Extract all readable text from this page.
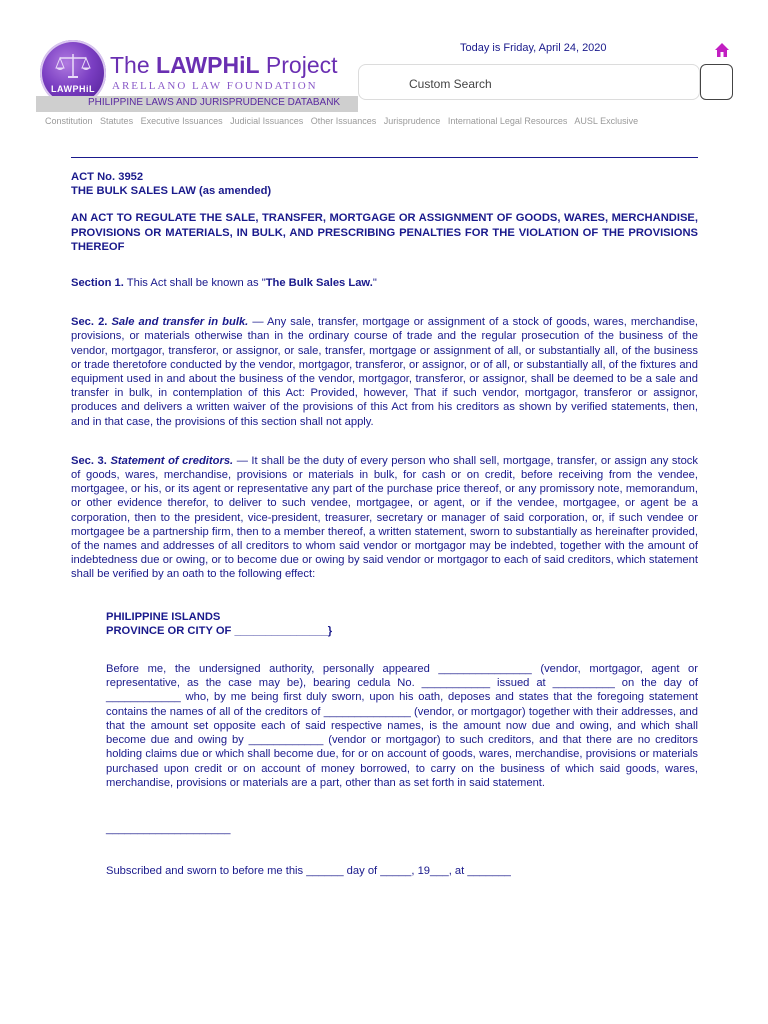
LAWPHiL
The LAWPHiL Project
ARELLANO LAW FOUNDATION
PHILIPPINE LAWS AND JURISPRUDENCE DATABANK
Today is Friday, April 24, 2020
Custom Search
Constitution Statutes Executive Issuances Judicial Issuances Other Issuances Jurisprudence International Legal Resources AUSL Exclusive

ACT No. 3952

THE BULK SALES LAW (as amended)

AN ACT TO REGULATE THE SALE, TRANSFER, MORTGAGE OR ASSIGNMENT OF GOODS, WARES, MERCHANDISE, PROVISIONS OR MATERIALS, IN BULK, AND PRESCRIBING PENALTIES FOR THE VIOLATION OF THE PROVISIONS THEREOF

Section 1. This Act shall be known as "The Bulk Sales Law."

Sec. 2. Sale and transfer in bulk. — Any sale, transfer, mortgage or assignment of a stock of goods, wares, merchandise, provisions, or materials otherwise than in the ordinary course of trade and the regular prosecution of the business of the vendor, mortgagor, transferor, or assignor, or sale, transfer, mortgage or assignment of all, or substantially all, of the business or trade theretofore conducted by the vendor, mortgagor, transferor, or assignor, or of all, or substantially all, of the fixtures and equipment used in and about the business of the vendor, mortgagor, transferor, or assignor, shall be deemed to be a sale and transfer in bulk, in contemplation of this Act: Provided, however, That if such vendor, mortgagor, transferor or assignor, produces and delivers a written waiver of the provisions of this Act from his creditors as shown by verified statements, then, and in that case, the provisions of this section shall not apply.

Sec. 3. Statement of creditors. — It shall be the duty of every person who shall sell, mortgage, transfer, or assign any stock of goods, wares, merchandise, provisions or materials in bulk, for cash or on credit, before receiving from the vendee, mortgagee, or his, or its agent or representative any part of the purchase price thereof, or any promissory note, memorandum, or other evidence therefor, to deliver to such vendee, mortgagee, or agent, or if the vendee, mortgagee, or agent be a corporation, then to the president, vice-president, treasurer, secretary or manager of said corporation, or, if such vendee or mortgagee be a partnership firm, then to a member thereof, a written statement, sworn to substantially as hereinafter provided, of the names and addresses of all creditors to whom said vendor or mortgagor may be indebted, together with the amount of indebtedness due or owing, or to become due or owing by said vendor or mortgagor to each of said creditors, which statement shall be verified by an oath to the following effect:

PHILIPPINE ISLANDS

PROVINCE OR CITY OF _______________}

Before me, the undersigned authority, personally appeared _______________ (vendor, mortgagor, agent or representative, as the case may be), bearing cedula No. ___________ issued at __________ on the day of ____________ who, by me being first duly sworn, upon his oath, deposes and states that the foregoing statement contains the names of all of the creditors of ______________ (vendor, or mortgagor) together with their addresses, and that the amount set opposite each of said respective names, is the amount now due and owing, and which shall become due and owing by ____________ (vendor or mortgagor) to such creditors, and that there are no creditors holding claims due or which shall become due, for or on account of goods, wares, merchandise, provisions or materials purchased upon credit or on account of money borrowed, to carry on the business of which said goods, wares, merchandise, provisions or materials are a part, other than as set forth in said statement.

____________________

Subscribed and sworn to before me this ______ day of _____, 19___, at _______
